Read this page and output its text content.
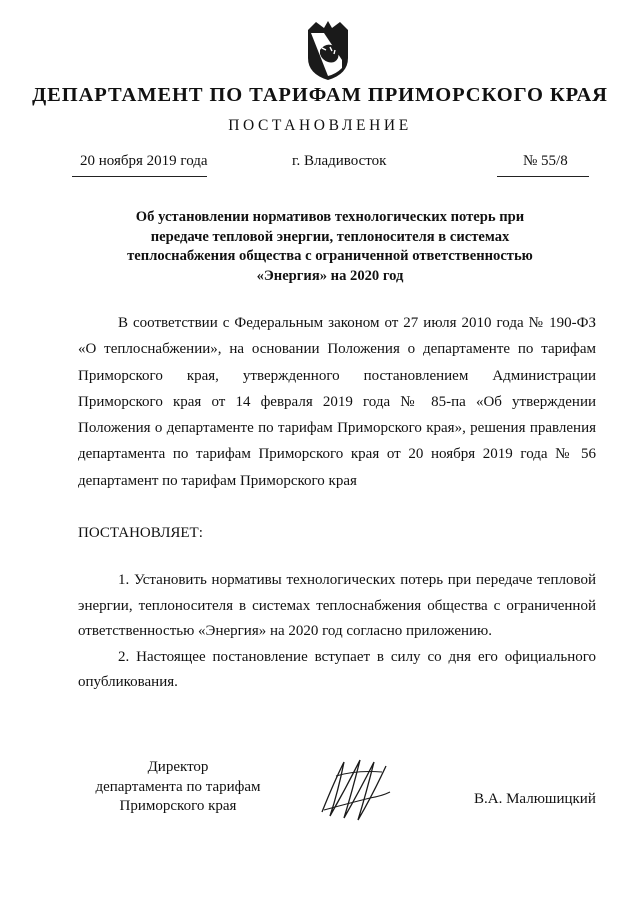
ДЕПАРТАМЕНТ ПО ТАРИФАМ ПРИМОРСКОГО КРАЯ
ПОСТАНОВЛЕНИЕ
20 ноября 2019 года	г. Владивосток	№ 55/8
Об установлении нормативов технологических потерь при передаче тепловой энергии, теплоносителя в системах теплоснабжения общества с ограниченной ответственностью «Энергия» на 2020 год

В соответствии с Федеральным законом от 27 июля 2010 года № 190-ФЗ «О теплоснабжении», на основании Положения о департаменте по тарифам Приморского края, утвержденного постановлением Администрации Приморского края от 14 февраля 2019 года № 85-па «Об утверждении Положения о департаменте по тарифам Приморского края», решения правления департамента по тарифам Приморского края от 20 ноября 2019 года № 56 департамент по тарифам Приморского края

ПОСТАНОВЛЯЕТ:

1. Установить нормативы технологических потерь при передаче тепловой энергии, теплоносителя в системах теплоснабжения общества с ограниченной ответственностью «Энергия» на 2020 год согласно приложению.

2. Настоящее постановление вступает в силу со дня его официального опубликования.

Директор
департамента по тарифам
Приморского края	В.А. Малюшицкий
